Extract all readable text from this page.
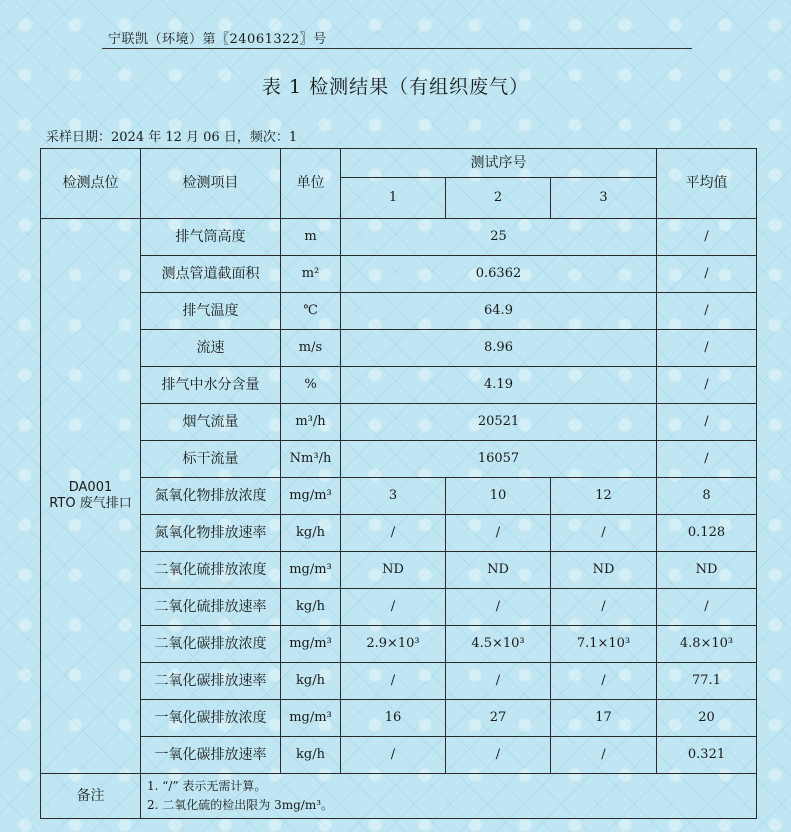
宁联凯（环境）第〖24061322〗号
表 1 检测结果（有组织废气）
采样日期：2024 年 12 月 06 日，频次：1
检测点位	检测项目	单位	测试序号			平均值
			1	2	3	

DA001
RTO 废气排口	排气筒高度	m	25			/
	测点管道截面积	m²	0.6362			/
	排气温度	℃	64.9			/
	流速	m/s	8.96			/
	排气中水分含量	%	4.19			/
	烟气流量	m³/h	20521			/
	标干流量	Nm³/h	16057			/
	氮氧化物排放浓度	mg/m³	3	10	12	8
	氮氧化物排放速率	kg/h	/	/	/	0.128
	二氧化硫排放浓度	mg/m³	ND	ND	ND	ND
	二氧化硫排放速率	kg/h	/	/	/	/
	二氧化碳排放浓度	mg/m³	2.9×10³	4.5×10³	7.1×10³	4.8×10³
	二氧化碳排放速率	kg/h	/	/	/	77.1
	一氧化碳排放浓度	mg/m³	16	27	17	20
	一氧化碳排放速率	kg/h	/	/	/	0.321
备注	1. “/” 表示无需计算。
2. 二氧化硫的检出限为 3mg/m³。					
